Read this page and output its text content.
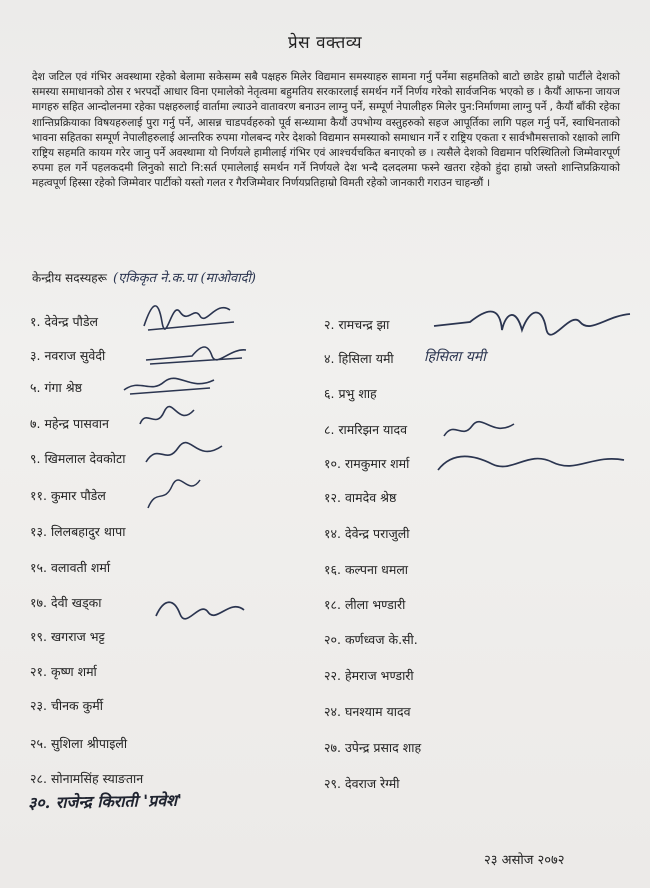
प्रेस वक्तव्य
देश जटिल एवं गंभिर अवस्थामा रहेको बेलामा सकेसम्म सबै पक्षहरु मिलेर विद्यमान समस्याहरु सामना गर्नु पर्नेमा सहमतिको बाटो छाडेर हाम्रो पार्टीले देशको समस्या समाधानको ठोस र भरपर्दो आधार विना एमालेको नेतृत्वमा बहुमतिय सरकारलाई समर्थन गर्ने निर्णय गरेको सार्वजनिक भएको छ । कैयौं आफना जायज मागहरु सहित आन्दोलनमा रहेका पक्षहरुलाई वार्तामा ल्याउने वातावरण बनाउन लाग्नु पर्ने, सम्पूर्ण नेपालीहरु मिलेर पुन:निर्माणमा लाग्नु पर्ने , कैयौं बाँकी रहेका शान्तिप्रक्रियाका विषयहरुलाई पुरा गर्नु पर्ने, आसन्न चाडपर्वहरुको पूर्व सन्ध्यामा कैयौं उपभोग्य वस्तुहरुको सहज आपूर्तिका लागि पहल गर्नु पर्ने, स्वाधिनताको भावना सहितका सम्पूर्ण नेपालीहरुलाई आन्तरिक रुपमा गोलबन्द गरेर देशको विद्यमान समस्याको समाधान गर्ने र राष्ट्रिय एकता र सार्वभौमसत्ताको रक्षाको लागि राष्ट्रिय सहमति कायम गरेर जानु पर्ने अवस्थामा यो निर्णयले हामीलाई गंभिर एवं आश्चर्यचकित बनाएको छ । त्यसैले देशको विद्यमान परिस्थितिलो जिम्मेवारपूर्ण रुपमा हल गर्ने पहलकदमी लिनुको साटो नि:सर्त एमालेलाई समर्थन गर्ने निर्णयले देश भन्दै दलदलमा फस्ने खतरा रहेको हुंदा हाम्रो जस्तो शान्तिप्रक्रियाको महत्वपूर्ण हिस्सा रहेको जिम्मेवार पार्टीको यस्तो गलत र गैरजिम्मेवार निर्णयप्रतिहाम्रो विमती रहेको जानकारी गराउन चाहन्छौं ।
केन्द्रीय सदस्यहरू (एकिकृत ने.क.पा (माओवादी)
१. देवेन्द्र पौडेल
३. नवराज सुवेदी
५. गंगा श्रेष्ठ
७. महेन्द्र पासवान
९. खिमलाल देवकोटा
११. कुमार पौडेल
१३. लिलबहादुर थापा
१५. वलावती शर्मा
१७. देवी खड्का
१९. खगराज भट्ट
२१. कृष्ण शर्मा
२३. चीनक कुर्मी
२५. सुशिला श्रीपाइली
२८. सोनामसिंह स्याङतान
२. रामचन्द्र झा
४. हिसिला यमी
६. प्रभु शाह
८. रामरिझन यादव
१०. रामकुमार शर्मा
१२. वामदेव श्रेष्ठ
१४. देवेन्द्र पराजुली
१६. कल्पना धमला
१८. लीला भण्डारी
२०. कर्णध्वज के.सी.
२२. हेमराज भण्डारी
२४. घनश्याम यादव
२७. उपेन्द्र प्रसाद शाह
२९. देवराज रेग्मी
हिसिला यमी
३०. राजेन्द्र किराती 'प्रवेश'
२३ असोज २०७२
